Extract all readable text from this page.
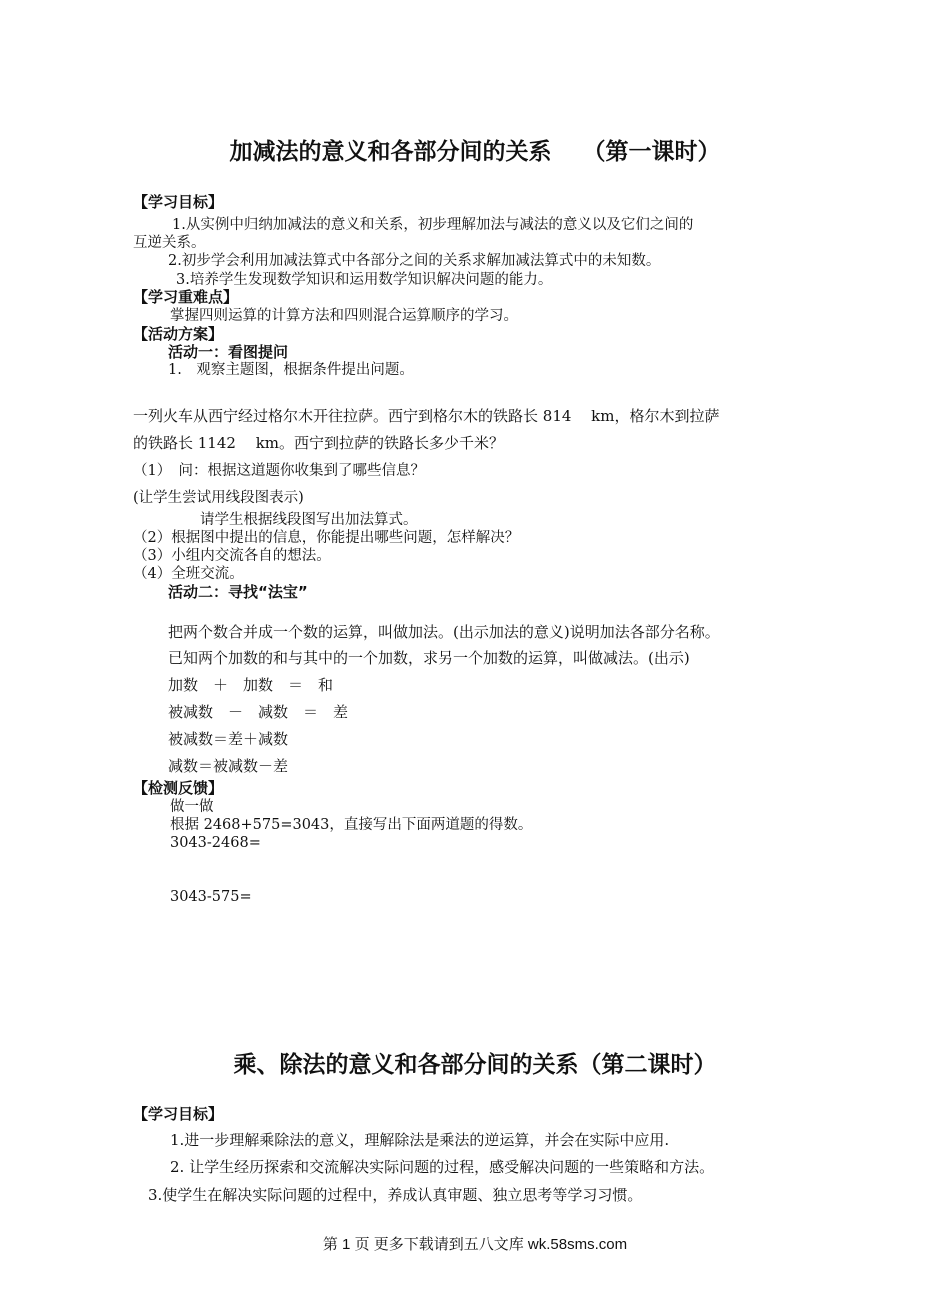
加减法的意义和各部分间的关系　 （第一课时）
【学习目标】
1.从实例中归纳加减法的意义和关系，初步理解加法与减法的意义以及它们之间的
互逆关系。
2.初步学会利用加减法算式中各部分之间的关系求解加减法算式中的未知数。
3.培养学生发现数学知识和运用数学知识解决问题的能力。
【学习重难点】
掌握四则运算的计算方法和四则混合运算顺序的学习。
【活动方案】
活动一：看图提问
1.　观察主题图，根据条件提出问题。
一列火车从西宁经过格尔木开往拉萨。西宁到格尔木的铁路长 814　 km，格尔木到拉萨
的铁路长 1142　 km。西宁到拉萨的铁路长多少千米？
（1）　问：根据这道题你收集到了哪些信息？
(让学生尝试用线段图表示)
请学生根据线段图写出加法算式。
（2）根据图中提出的信息，你能提出哪些问题，怎样解决？
（3）小组内交流各自的想法。
（4）全班交流。
活动二：寻找“法宝”
把两个数合并成一个数的运算，叫做加法。(出示加法的意义)说明加法各部分名称。
已知两个加数的和与其中的一个加数，求另一个加数的运算，叫做减法。(出示)
加数　＋　加数　＝　和
被减数　－　减数　＝　差
被减数＝差＋减数
减数＝被减数－差
【检测反馈】
做一做
根据 2468+575=3043，直接写出下面两道题的得数。
3043-2468=
3043-575=
乘、除法的意义和各部分间的关系（第二课时）
【学习目标】
1.进一步理解乘除法的意义，理解除法是乘法的逆运算，并会在实际中应用.
2. 让学生经历探索和交流解决实际问题的过程，感受解决问题的一些策略和方法。
3.使学生在解决实际问题的过程中，养成认真审题、独立思考等学习习惯。
第 1 页 更多下载请到五八文库 wk.58sms.com
